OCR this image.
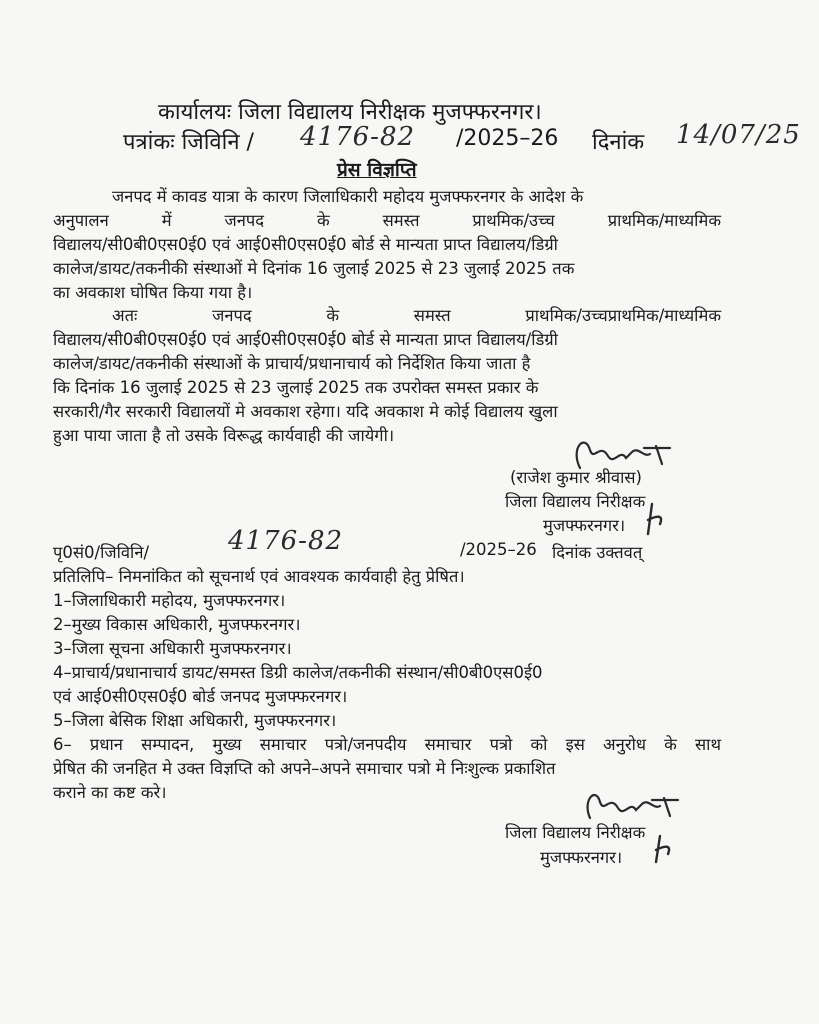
कार्यालयः जिला विद्यालय निरीक्षक मुजफ्फरनगर।
पत्रांकः जिविनि / 4176-82 /2025–26 दिनांक 14/07/25
प्रेस विज्ञप्ति
जनपद में कावड यात्रा के कारण जिलाधिकारी महोदय मुजफ्फरनगर के आदेश के
अनुपालन में जनपद के समस्त प्राथमिक/उच्च प्राथमिक/माध्यमिक
विद्यालय/सी0बी0एस0ई0 एवं आई0सी0एस0ई0 बोर्ड से मान्यता प्राप्त विद्यालय/डिग्री
कालेज/डायट/तकनीकी संस्थाओं मे दिनांक 16 जुलाई 2025 से 23 जुलाई 2025 तक
का अवकाश घोषित किया गया है।
अतः जनपद के समस्त प्राथमिक/उच्चप्राथमिक/माध्यमिक
विद्यालय/सी0बी0एस0ई0 एवं आई0सी0एस0ई0 बोर्ड से मान्यता प्राप्त विद्यालय/डिग्री
कालेज/डायट/तकनीकी संस्थाओं के प्राचार्य/प्रधानाचार्य को निर्देशित किया जाता है
कि दिनांक 16 जुलाई 2025 से 23 जुलाई 2025 तक उपरोक्त समस्त प्रकार के
सरकारी/गैर सरकारी विद्यालयों मे अवकाश रहेगा। यदि अवकाश मे कोई विद्यालय खुला
हुआ पाया जाता है तो उसके विरूद्ध कार्यवाही की जायेगी।
(राजेश कुमार श्रीवास)
जिला विद्यालय निरीक्षक
मुजफ्फरनगर।
पृ0सं0/जिविनि/	4176-82	/2025–26 दिनांक उक्तवत्
प्रतिलिपि– निमनांकित को सूचनार्थ एवं आवश्यक कार्यवाही हेतु प्रेषित।
1–जिलाधिकारी महोदय, मुजफ्फरनगर।
2–मुख्य विकास अधिकारी, मुजफ्फरनगर।
3–जिला सूचना अधिकारी मुजफ्फरनगर।
4–प्राचार्य/प्रधानाचार्य डायट/समस्त डिग्री कालेज/तकनीकी संस्थान/सी0बी0एस0ई0
एवं आई0सी0एस0ई0 बोर्ड जनपद मुजफ्फरनगर।
5–जिला बेसिक शिक्षा अधिकारी, मुजफ्फरनगर।
6– प्रधान सम्पादन, मुख्य समाचार पत्रो/जनपदीय समाचार पत्रो को इस अनुरोध के साथ
प्रेषित की जनहित मे उक्त विज्ञप्ति को अपने–अपने समाचार पत्रो मे निःशुल्क प्रकाशित
कराने का कष्ट करे।
जिला विद्यालय निरीक्षक
मुजफ्फरनगर।
